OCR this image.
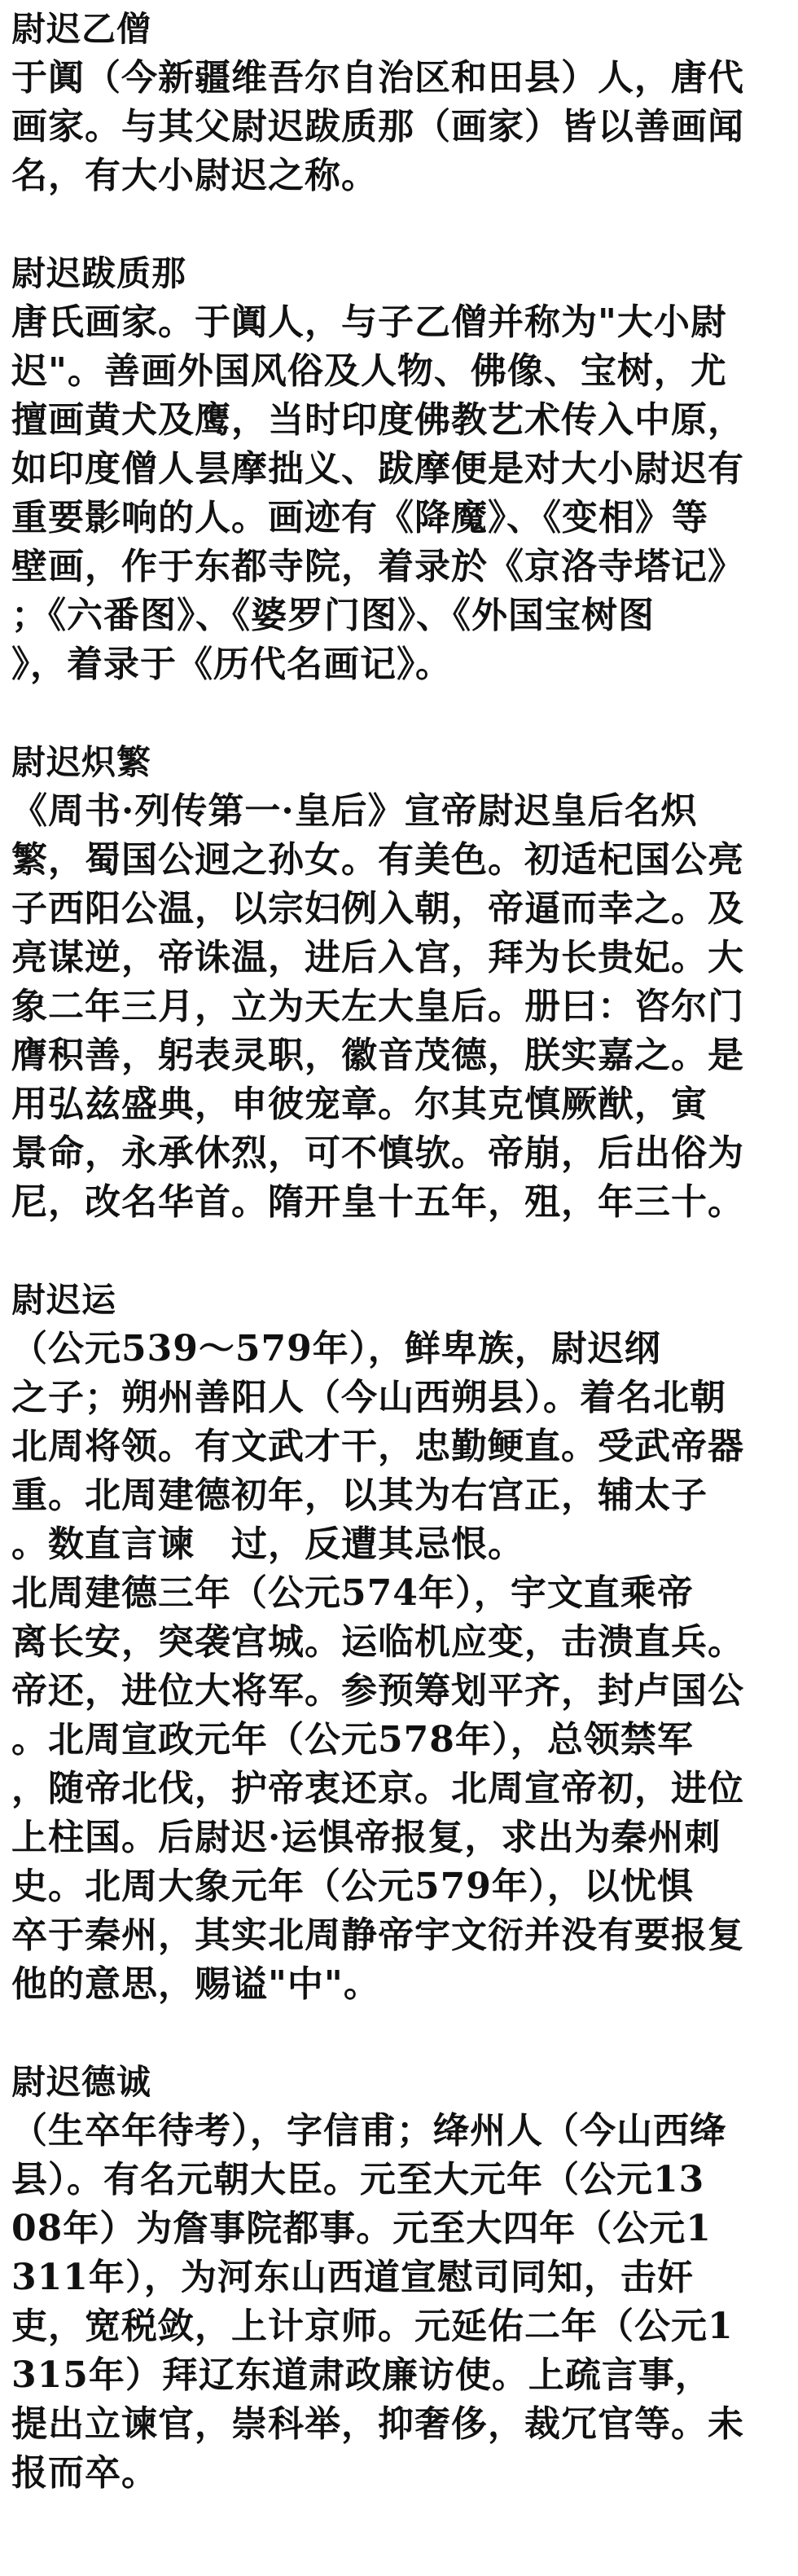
尉迟乙僧
于阗（今新疆维吾尔自治区和田县）人，唐代
画家。与其父尉迟跋质那（画家）皆以善画闻
名，有大小尉迟之称。
尉迟跋质那
唐氏画家。于阗人，与子乙僧并称为"大小尉
迟"。善画外国风俗及人物、佛像、宝树，尤
擅画黄犬及鹰，当时印度佛教艺术传入中原，
如印度僧人昙摩拙义、跋摩便是对大小尉迟有
重要影响的人。画迹有《降魔》、《变相》等
壁画，作于东都寺院，着录於《京洛寺塔记》
；《六番图》、《婆罗门图》、《外国宝树图
》，着录于《历代名画记》。
尉迟炽繁
《周书·列传第一·皇后》宣帝尉迟皇后名炽
繁，蜀国公迥之孙女。有美色。初适杞国公亮
子西阳公温，以宗妇例入朝，帝逼而幸之。及
亮谋逆，帝诛温，进后入宫，拜为长贵妃。大
象二年三月，立为天左大皇后。册曰：咨尔门
膺积善，躬表灵职，徽音茂德，朕实嘉之。是
用弘兹盛典，申彼宠章。尔其克慎厥猷，寅
景命，永承休烈，可不慎欤。帝崩，后出俗为
尼，改名华首。隋开皇十五年，殂，年三十。
尉迟运
（公元539～579年），鲜卑族，尉迟纲
之子；朔州善阳人（今山西朔县）。着名北朝
北周将领。有文武才干，忠勤鲠直。受武帝器
重。北周建德初年，以其为右宫正，辅太子
。数直言谏　过，反遭其忌恨。
北周建德三年（公元574年），宇文直乘帝
离长安，突袭宫城。运临机应变，击溃直兵。
帝还，进位大将军。参预筹划平齐，封卢国公
。北周宣政元年（公元578年），总领禁军
，随帝北伐，护帝衷还京。北周宣帝初，进位
上柱国。后尉迟·运惧帝报复，求出为秦州刺
史。北周大象元年（公元579年），以忧惧
卒于秦州，其实北周静帝宇文衍并没有要报复
他的意思，赐谥"中"。
尉迟德诚
（生卒年待考），字信甫；绛州人（今山西绛
县）。有名元朝大臣。元至大元年（公元13
08年）为詹事院都事。元至大四年（公元1
311年），为河东山西道宣慰司同知，击奸
吏，宽税敛，上计京师。元延佑二年（公元1
315年）拜辽东道肃政廉访使。上疏言事，
提出立谏官，崇科举，抑奢侈，裁冗官等。未
报而卒。
